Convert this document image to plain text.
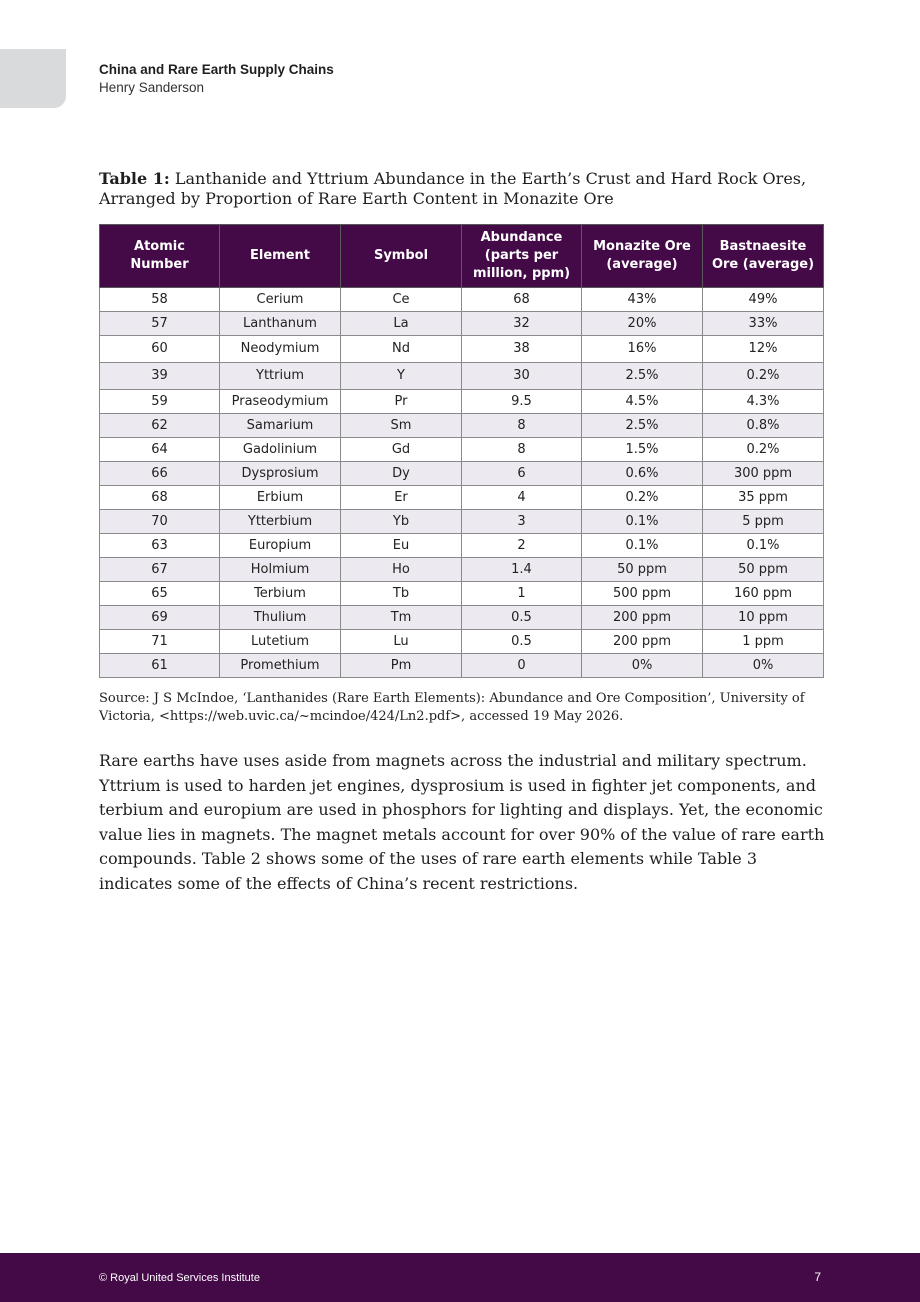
China and Rare Earth Supply Chains
Henry Sanderson
Table 1: Lanthanide and Yttrium Abundance in the Earth’s Crust and Hard Rock Ores, Arranged by Proportion of Rare Earth Content in Monazite Ore
Atomic Number	Element	Symbol	Abundance (parts per million, ppm)	Monazite Ore (average)	Bastnaesite Ore (average)
58	Cerium	Ce	68	43%	49%
57	Lanthanum	La	32	20%	33%
60	Neodymium	Nd	38	16%	12%
39	Yttrium	Y	30	2.5%	0.2%
59	Praseodymium	Pr	9.5	4.5%	4.3%
62	Samarium	Sm	8	2.5%	0.8%
64	Gadolinium	Gd	8	1.5%	0.2%
66	Dysprosium	Dy	6	0.6%	300 ppm
68	Erbium	Er	4	0.2%	35 ppm
70	Ytterbium	Yb	3	0.1%	5 ppm
63	Europium	Eu	2	0.1%	0.1%
67	Holmium	Ho	1.4	50 ppm	50 ppm
65	Terbium	Tb	1	500 ppm	160 ppm
69	Thulium	Tm	0.5	200 ppm	10 ppm
71	Lutetium	Lu	0.5	200 ppm	1 ppm
61	Promethium	Pm	0	0%	0%
Source: J S McIndoe, ‘Lanthanides (Rare Earth Elements): Abundance and Ore Composition’, University of Victoria, <https://web.uvic.ca/~mcindoe/424/Ln2.pdf>, accessed 19 May 2026.

Rare earths have uses aside from magnets across the industrial and military spectrum. Yttrium is used to harden jet engines, dysprosium is used in fighter jet components, and terbium and europium are used in phosphors for lighting and displays. Yet, the economic value lies in magnets. The magnet metals account for over 90% of the value of rare earth compounds. Table 2 shows some of the uses of rare earth elements while Table 3 indicates some of the effects of China’s recent restrictions.

© Royal United Services Institute	7
